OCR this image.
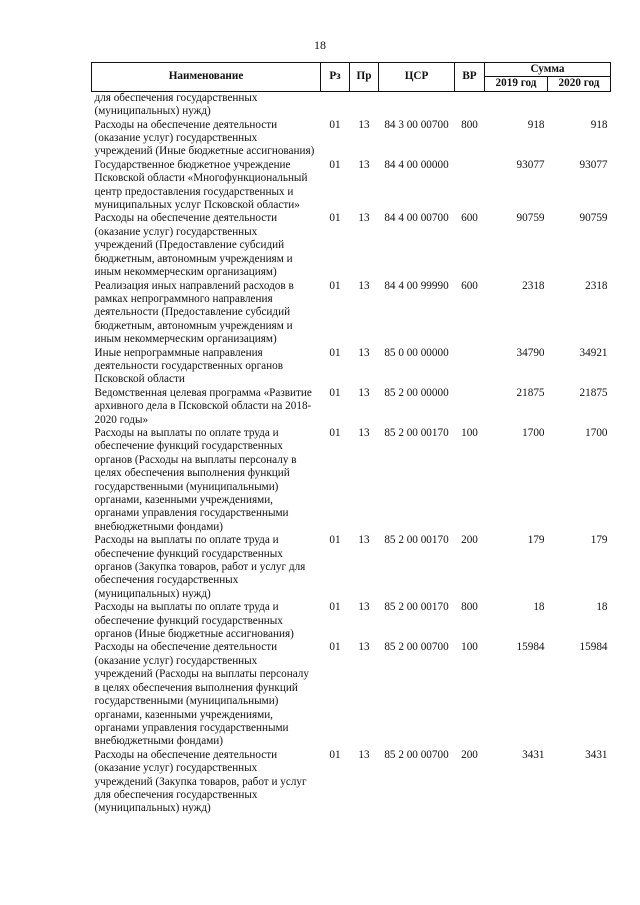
18
Наименование	Рз	Пр	ЦСР	ВР	Сумма	
					2019 год	2020 год
для обеспечения государственных (муниципальных) нужд)						
Расходы на обеспечение деятельности (оказание услуг) государственных учреждений (Иные бюджетные ассигнования)	01	13	84 3 00 00700	800	918	918
Государственное бюджетное учреждение Псковской области «Многофункциональный центр предоставления государственных и муниципальных услуг Псковской области»	01	13	84 4 00 00000		93077	93077
Расходы на обеспечение деятельности (оказание услуг) государственных учреждений (Предоставление субсидий бюджетным, автономным учреждениям и иным некоммерческим организациям)	01	13	84 4 00 00700	600	90759	90759
Реализация иных направлений расходов в рамках непрограммного направления деятельности (Предоставление субсидий бюджетным, автономным учреждениям и иным некоммерческим организациям)	01	13	84 4 00 99990	600	2318	2318
Иные непрограммные направления деятельности государственных органов Псковской области	01	13	85 0 00 00000		34790	34921
Ведомственная целевая программа «Развитие архивного дела в Псковской области на 2018-2020 годы»	01	13	85 2 00 00000		21875	21875
Расходы на выплаты по оплате труда и обеспечение функций государственных органов (Расходы на выплаты персоналу в целях обеспечения выполнения функций государственными (муниципальными) органами, казенными учреждениями, органами управления государственными внебюджетными фондами)	01	13	85 2 00 00170	100	1700	1700
Расходы на выплаты по оплате труда и обеспечение функций государственных органов (Закупка товаров, работ и услуг для обеспечения государственных (муниципальных) нужд)	01	13	85 2 00 00170	200	179	179
Расходы на выплаты по оплате труда и обеспечение функций государственных органов (Иные бюджетные ассигнования)	01	13	85 2 00 00170	800	18	18
Расходы на обеспечение деятельности (оказание услуг) государственных учреждений (Расходы на выплаты персоналу в целях обеспечения выполнения функций государственными (муниципальными) органами, казенными учреждениями, органами управления государственными внебюджетными фондами)	01	13	85 2 00 00700	100	15984	15984
Расходы на обеспечение деятельности (оказание услуг) государственных учреждений (Закупка товаров, работ и услуг для обеспечения государственных (муниципальных) нужд)	01	13	85 2 00 00700	200	3431	3431
